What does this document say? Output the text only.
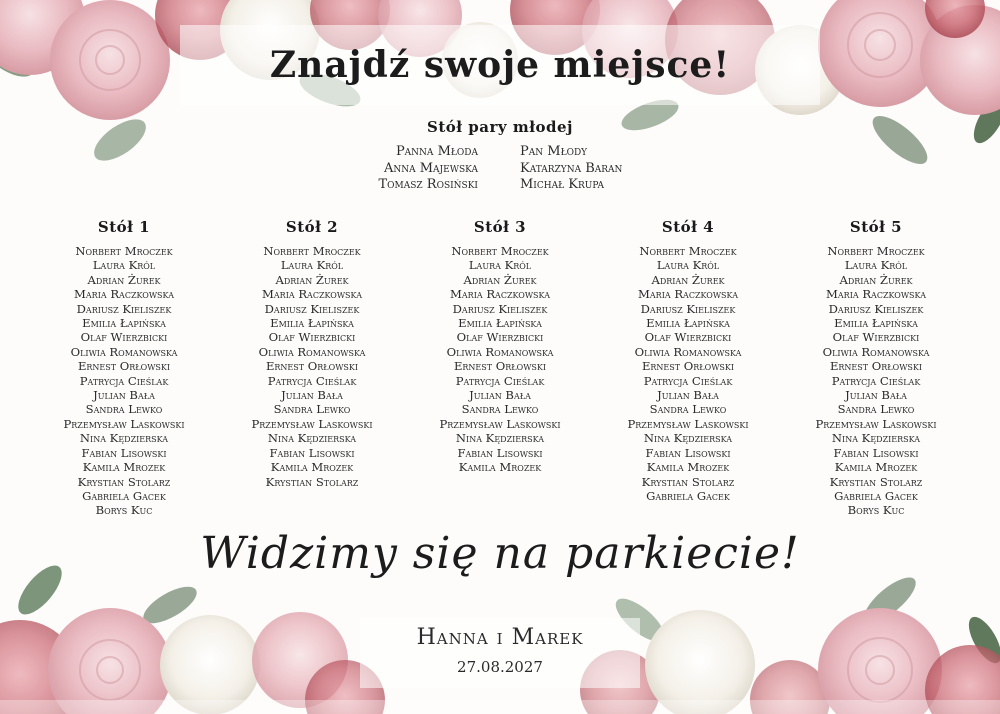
Znajdź swoje miejsce!
Stół pary młodej
Panna Młoda
Anna Majewska
Tomasz Rosiński
Pan Młody
Katarzyna Baran
Michał Krupa
Stół 1
Norbert Mroczek
Laura Król
Adrian Żurek
Maria Raczkowska
Dariusz Kieliszek
Emilia Łapińska
Olaf Wierzbicki
Oliwia Romanowska
Ernest Orłowski
Patrycja Cieślak
Julian Bała
Sandra Lewko
Przemysław Laskowski
Nina Kędzierska
Fabian Lisowski
Kamila Mrozek
Krystian Stolarz
Gabriela Gacek
Borys Kuc
Stół 2
Norbert Mroczek
Laura Król
Adrian Żurek
Maria Raczkowska
Dariusz Kieliszek
Emilia Łapińska
Olaf Wierzbicki
Oliwia Romanowska
Ernest Orłowski
Patrycja Cieślak
Julian Bała
Sandra Lewko
Przemysław Laskowski
Nina Kędzierska
Fabian Lisowski
Kamila Mrozek
Krystian Stolarz
Stół 3
Norbert Mroczek
Laura Król
Adrian Żurek
Maria Raczkowska
Dariusz Kieliszek
Emilia Łapińska
Olaf Wierzbicki
Oliwia Romanowska
Ernest Orłowski
Patrycja Cieślak
Julian Bała
Sandra Lewko
Przemysław Laskowski
Nina Kędzierska
Fabian Lisowski
Kamila Mrozek
Stół 4
Norbert Mroczek
Laura Król
Adrian Żurek
Maria Raczkowska
Dariusz Kieliszek
Emilia Łapińska
Olaf Wierzbicki
Oliwia Romanowska
Ernest Orłowski
Patrycja Cieślak
Julian Bała
Sandra Lewko
Przemysław Laskowski
Nina Kędzierska
Fabian Lisowski
Kamila Mrozek
Krystian Stolarz
Gabriela Gacek
Stół 5
Norbert Mroczek
Laura Król
Adrian Żurek
Maria Raczkowska
Dariusz Kieliszek
Emilia Łapińska
Olaf Wierzbicki
Oliwia Romanowska
Ernest Orłowski
Patrycja Cieślak
Julian Bała
Sandra Lewko
Przemysław Laskowski
Nina Kędzierska
Fabian Lisowski
Kamila Mrozek
Krystian Stolarz
Gabriela Gacek
Borys Kuc
Widzimy się na parkiecie!
Hanna i Marek
27.08.2027
